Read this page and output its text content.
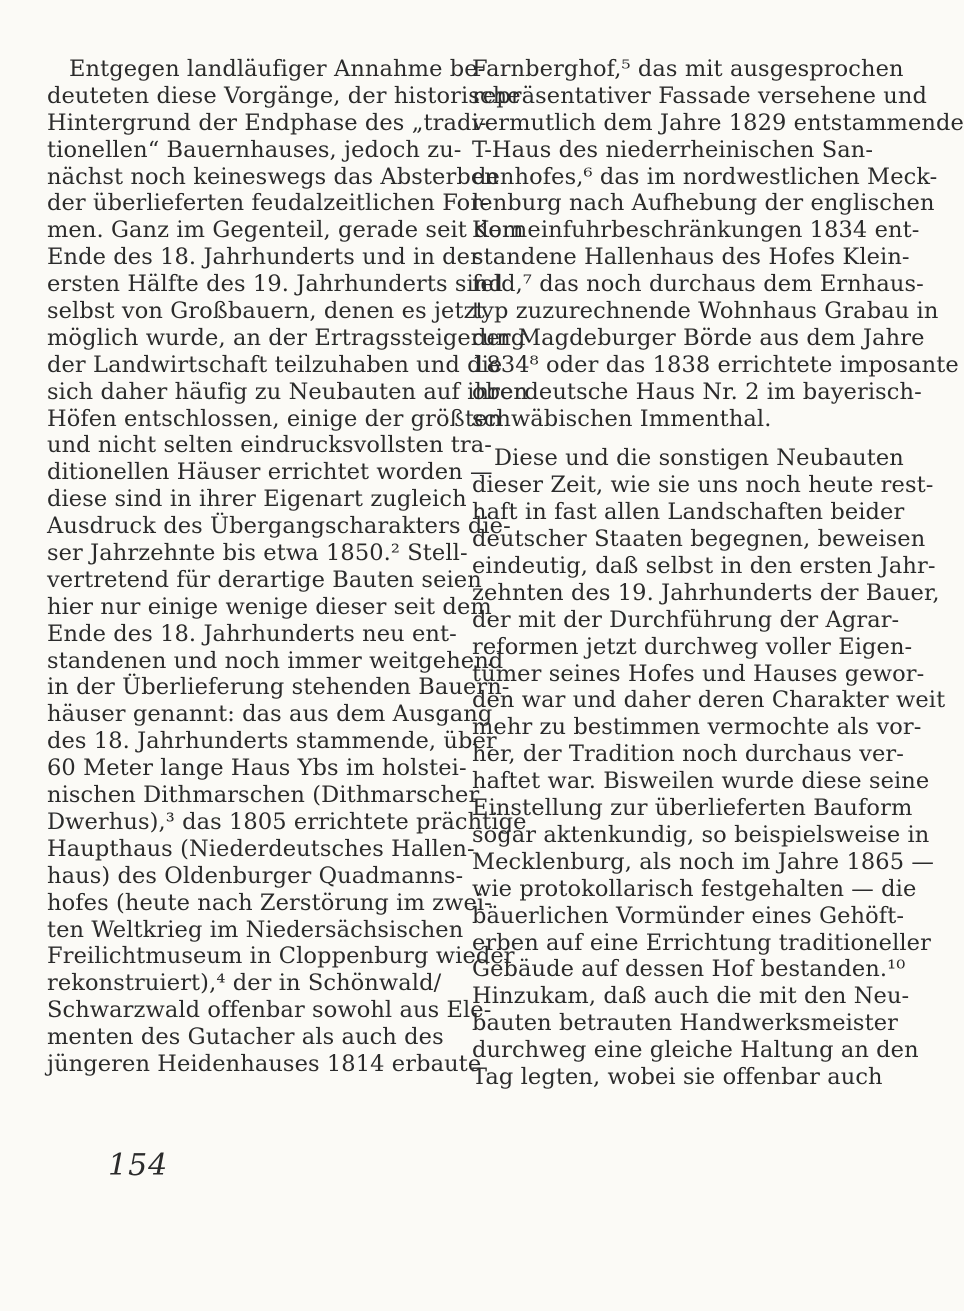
Entgegen landläufiger Annahme be-
deuteten diese Vorgänge, der historische
Hintergrund der Endphase des „tradi-
tionellen“ Bauernhauses, jedoch zu-
nächst noch keineswegs das Absterben
der überlieferten feudalzeitlichen For-
men. Ganz im Gegenteil, gerade seit dem
Ende des 18. Jahrhunderts und in der
ersten Hälfte des 19. Jahrhunderts sind
selbst von Großbauern, denen es jetzt
möglich wurde, an der Ertragssteigerung
der Landwirtschaft teilzuhaben und die
sich daher häufig zu Neubauten auf ihren
Höfen entschlossen, einige der größten
und nicht selten eindrucksvollsten tra-
ditionellen Häuser errichtet worden —
diese sind in ihrer Eigenart zugleich
Ausdruck des Übergangscharakters die-
ser Jahrzehnte bis etwa 1850.² Stell-
vertretend für derartige Bauten seien
hier nur einige wenige dieser seit dem
Ende des 18. Jahrhunderts neu ent-
standenen und noch immer weitgehend
in der Überlieferung stehenden Bauern-
häuser genannt: das aus dem Ausgang
des 18. Jahrhunderts stammende, über
60 Meter lange Haus Ybs im holstei-
nischen Dithmarschen (Dithmarscher
Dwerhus),³ das 1805 errichtete prächtige
Haupthaus (Niederdeutsches Hallen-
haus) des Oldenburger Quadmanns-
hofes (heute nach Zerstörung im zwei-
ten Weltkrieg im Niedersächsischen
Freilichtmuseum in Cloppenburg wieder
rekonstruiert),⁴ der in Schönwald/
Schwarzwald offenbar sowohl aus Ele-
menten des Gutacher als auch des
jüngeren Heidenhauses 1814 erbaute
Farnberghof,⁵ das mit ausgesprochen
repräsentativer Fassade versehene und
vermutlich dem Jahre 1829 entstammende
T-Haus des niederrheinischen San-
denhofes,⁶ das im nordwestlichen Meck-
lenburg nach Aufhebung der englischen
Korneinfuhrbeschränkungen 1834 ent-
standene Hallenhaus des Hofes Klein-
feld,⁷ das noch durchaus dem Ernhaus-
typ zuzurechnende Wohnhaus Grabau in
der Magdeburger Börde aus dem Jahre
1834⁸ oder das 1838 errichtete imposante
oberdeutsche Haus Nr. 2 im bayerisch-
schwäbischen Immenthal.
Diese und die sonstigen Neubauten
dieser Zeit, wie sie uns noch heute rest-
haft in fast allen Landschaften beider
deutscher Staaten begegnen, beweisen
eindeutig, daß selbst in den ersten Jahr-
zehnten des 19. Jahrhunderts der Bauer,
der mit der Durchführung der Agrar-
reformen jetzt durchweg voller Eigen-
tümer seines Hofes und Hauses gewor-
den war und daher deren Charakter weit
mehr zu bestimmen vermochte als vor-
her, der Tradition noch durchaus ver-
haftet war. Bisweilen wurde diese seine
Einstellung zur überlieferten Bauform
sogar aktenkundig, so beispielsweise in
Mecklenburg, als noch im Jahre 1865 —
wie protokollarisch festgehalten — die
bäuerlichen Vormünder eines Gehöft-
erben auf eine Errichtung traditioneller
Gebäude auf dessen Hof bestanden.¹⁰
Hinzukam, daß auch die mit den Neu-
bauten betrauten Handwerksmeister
durchweg eine gleiche Haltung an den
Tag legten, wobei sie offenbar auch
154
